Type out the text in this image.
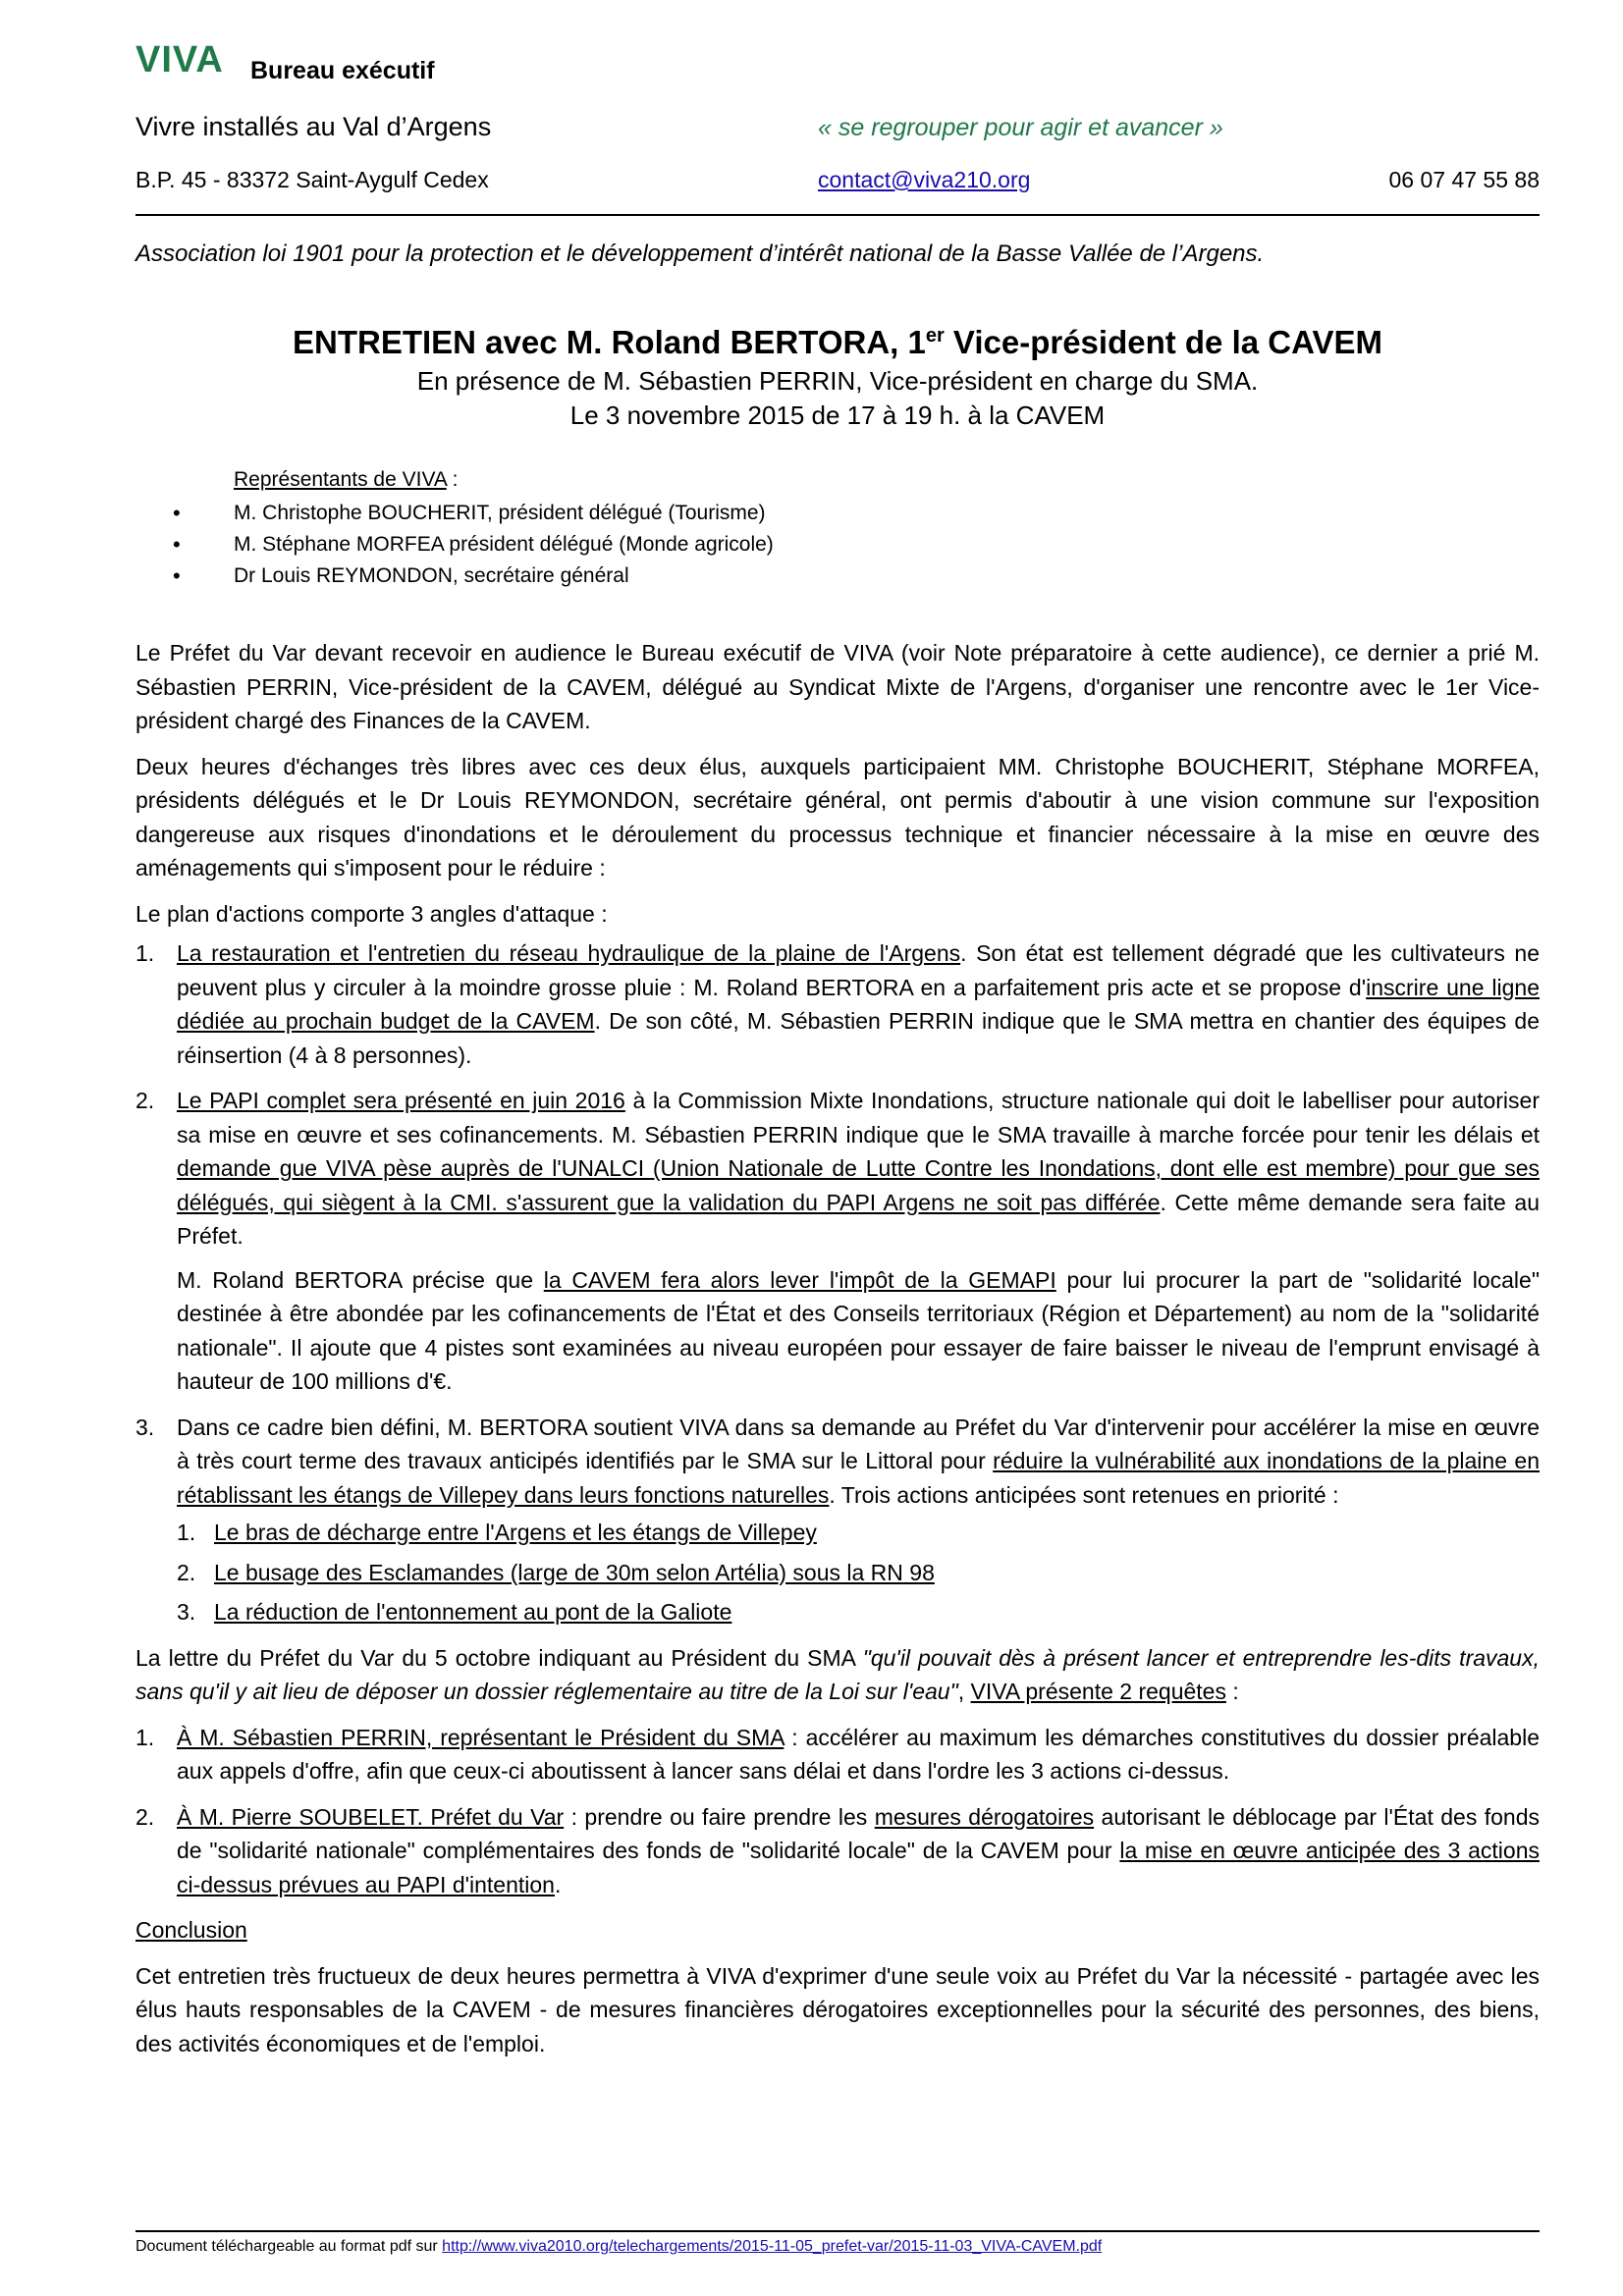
VIVA Bureau exécutif
Vivre installés au Val d’Argens	« se regrouper pour agir et avancer »
B.P. 45 - 83372 Saint-Aygulf Cedex	contact@viva210.org	06 07 47 55 88
Association loi 1901 pour la protection et le développement d’intérêt national de la Basse Vallée de l’Argens.
ENTRETIEN avec M. Roland BERTORA, 1er Vice-président de la CAVEM
En présence de M. Sébastien PERRIN, Vice-président en charge du SMA.
Le 3 novembre 2015 de 17 à 19 h. à la CAVEM
Représentants de VIVA :
•	M. Christophe BOUCHERIT, président délégué (Tourisme)
•	M. Stéphane MORFEA président délégué (Monde agricole)
•	Dr Louis REYMONDON, secrétaire général

Le Préfet du Var devant recevoir en audience le Bureau exécutif de VIVA (voir Note préparatoire à cette audience), ce dernier a prié M. Sébastien PERRIN, Vice-président de la CAVEM, délégué au Syndicat Mixte de l'Argens, d'organiser une rencontre avec le 1er Vice-président chargé des Finances de la CAVEM.

Deux heures d'échanges très libres avec ces deux élus, auxquels participaient MM. Christophe BOUCHERIT, Stéphane MORFEA, présidents délégués et le Dr Louis REYMONDON, secrétaire général, ont permis d'aboutir à une vision commune sur l'exposition dangereuse aux risques d'inondations et le déroulement du processus technique et financier nécessaire à la mise en œuvre des aménagements qui s'imposent pour le réduire :

Le plan d'actions comporte 3 angles d'attaque :

1. La restauration et l'entretien du réseau hydraulique de la plaine de l'Argens. Son état est tellement dégradé que les cultivateurs ne peuvent plus y circuler à la moindre grosse pluie : M. Roland BERTORA en a parfaitement pris acte et se propose d'inscrire une ligne dédiée au prochain budget de la CAVEM. De son côté, M. Sébastien PERRIN indique que le SMA mettra en chantier des équipes de réinsertion (4 à 8 personnes).
2. Le PAPI complet sera présenté en juin 2016 à la Commission Mixte Inondations, structure nationale qui doit le labelliser pour autoriser sa mise en œuvre et ses cofinancements. M. Sébastien PERRIN indique que le SMA travaille à marche forcée pour tenir les délais et demande gue VIVA pèse auprès de l'UNALCI (Union Nationale de Lutte Contre les Inondations, dont elle est membre) pour gue ses délégués, qui siègent à la CMI. s'assurent gue la validation du PAPI Argens ne soit pas différée. Cette même demande sera faite au Préfet.
M. Roland BERTORA précise que la CAVEM fera alors lever l'impôt de la GEMAPI pour lui procurer la part de "solidarité locale" destinée à être abondée par les cofinancements de l'État et des Conseils territoriaux (Région et Département) au nom de la "solidarité nationale". Il ajoute que 4 pistes sont examinées au niveau européen pour essayer de faire baisser le niveau de l'emprunt envisagé à hauteur de 100 millions d'€.
3. Dans ce cadre bien défini, M. BERTORA soutient VIVA dans sa demande au Préfet du Var d'intervenir pour accélérer la mise en œuvre à très court terme des travaux anticipés identifiés par le SMA sur le Littoral pour réduire la vulnérabilité aux inondations de la plaine en rétablissant les étangs de Villepey dans leurs fonctions naturelles. Trois actions anticipées sont retenues en priorité :
1. Le bras de décharge entre l'Argens et les étangs de Villepey
2. Le busage des Esclamandes (large de 30m selon Artélia) sous la RN 98
3. La réduction de l'entonnement au pont de la Galiote

La lettre du Préfet du Var du 5 octobre indiquant au Président du SMA "qu'il pouvait dès à présent lancer et entreprendre les-dits travaux, sans qu'il y ait lieu de déposer un dossier réglementaire au titre de la Loi sur l'eau", VIVA présente 2 requêtes :

1. À M. Sébastien PERRIN, représentant le Président du SMA : accélérer au maximum les démarches constitutives du dossier préalable aux appels d'offre, afin que ceux-ci aboutissent à lancer sans délai et dans l'ordre les 3 actions ci-dessus.
2. À M. Pierre SOUBELET. Préfet du Var : prendre ou faire prendre les mesures dérogatoires autorisant le déblocage par l'État des fonds de "solidarité nationale" complémentaires des fonds de "solidarité locale" de la CAVEM pour la mise en œuvre anticipée des 3 actions ci-dessus prévues au PAPI d'intention.

Conclusion

Cet entretien très fructueux de deux heures permettra à VIVA d'exprimer d'une seule voix au Préfet du Var la nécessité - partagée avec les élus hauts responsables de la CAVEM - de mesures financières dérogatoires exceptionnelles pour la sécurité des personnes, des biens, des activités économiques et de l'emploi.

Document téléchargeable au format pdf sur http://www.viva2010.org/telechargements/2015-11-05_prefet-var/2015-11-03_VIVA-CAVEM.pdf
